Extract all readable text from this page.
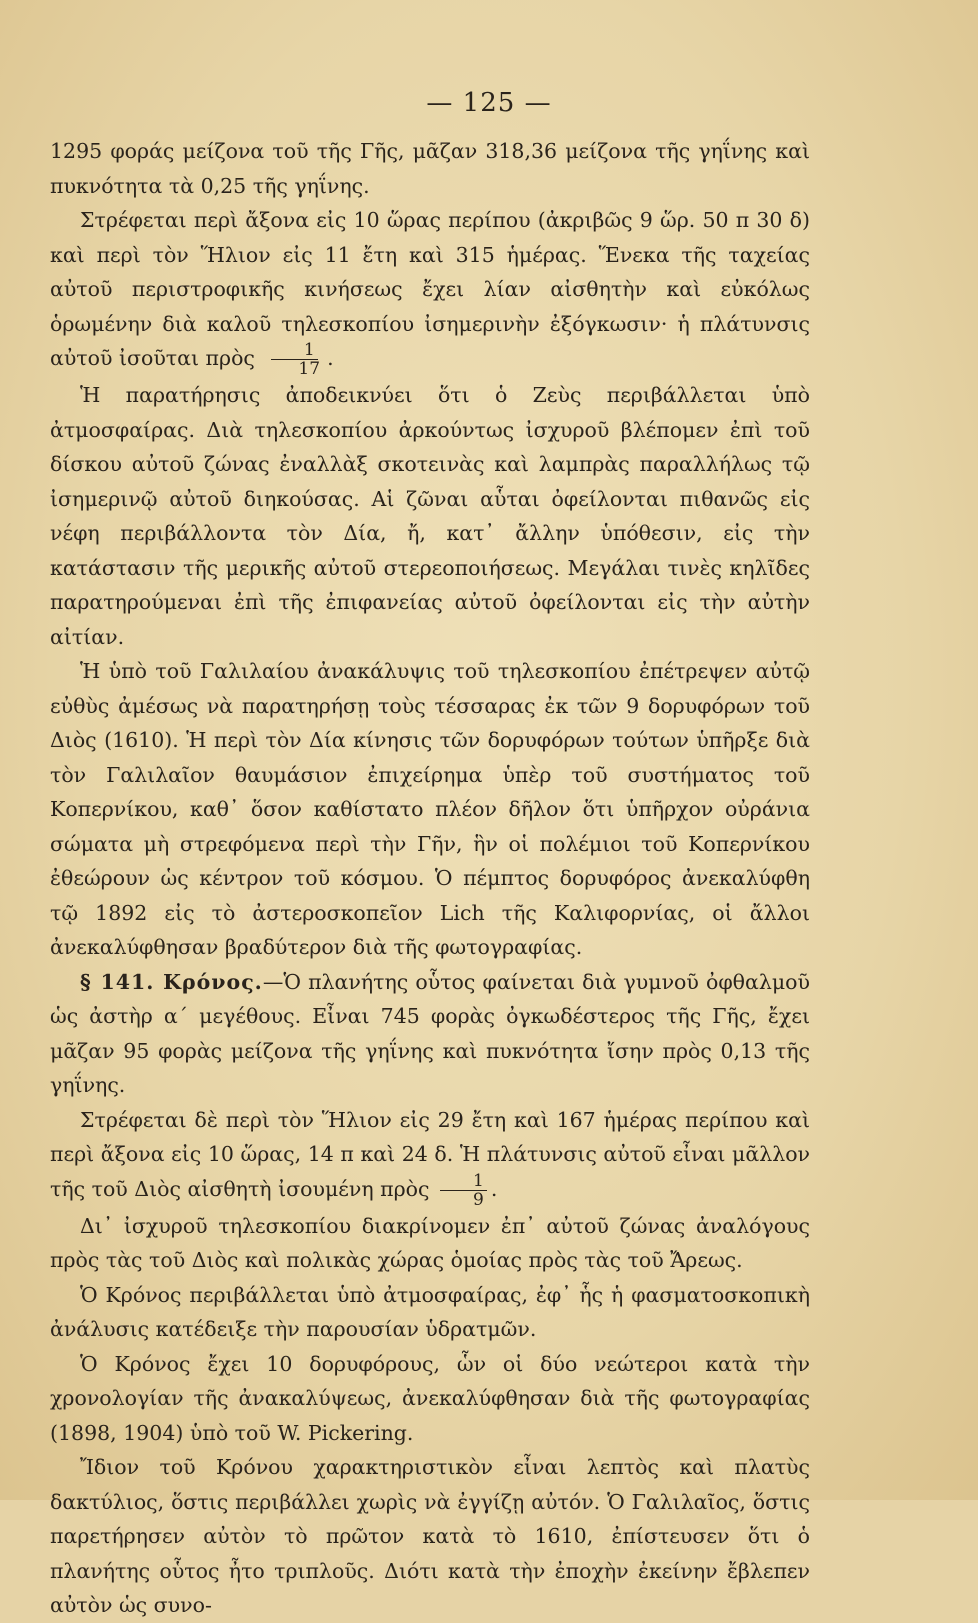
— 125 —

1295 φοράς μείζονα τοῦ τῆς Γῆς, μᾶζαν 318,36 μείζονα τῆς γηΐνης καὶ πυκνότητα τὰ 0,25 τῆς γηΐνης.

Στρέφεται περὶ ἄξονα εἰς 10 ὥρας περίπου (ἀκριβῶς 9 ὥρ. 50 π 30 δ) καὶ περὶ τὸν Ἥλιον εἰς 11 ἔτη καὶ 315 ἡμέρας. Ἕνεκα τῆς ταχείας αὐτοῦ περιστροφικῆς κινήσεως ἔχει λίαν αἰσθητὴν καὶ εὐκόλως ὁρωμένην διὰ καλοῦ τηλεσκοπίου ἰσημερινὴν ἐξόγκωσιν· ἡ πλάτυνσις αὐτοῦ ἰσοῦται πρὸς $\frac{1}{17}$ .

Ἡ παρατήρησις ἀποδεικνύει ὅτι ὁ Ζεὺς περιβάλλεται ὑπὸ ἀτμοσφαίρας. Διὰ τηλεσκοπίου ἀρκούντως ἰσχυροῦ βλέπομεν ἐπὶ τοῦ δίσκου αὐτοῦ ζώνας ἐναλλὰξ σκοτεινὰς καὶ λαμπρὰς παραλλήλως τῷ ἰσημερινῷ αὐτοῦ διηκούσας. Αἱ ζῶναι αὗται ὀφείλονται πιθανῶς εἰς νέφη περιβάλλοντα τὸν Δία, ἤ, κατ᾽ ἄλλην ὑπόθεσιν, εἰς τὴν κατάστασιν τῆς μερικῆς αὐτοῦ στερεοποιήσεως. Μεγάλαι τινὲς κηλῖδες παρατηρούμεναι ἐπὶ τῆς ἐπιφανείας αὐτοῦ ὀφείλονται εἰς τὴν αὐτὴν αἰτίαν.

Ἡ ὑπὸ τοῦ Γαλιλαίου ἀνακάλυψις τοῦ τηλεσκοπίου ἐπέτρεψεν αὐτῷ εὐθὺς ἀμέσως νὰ παρατηρήσῃ τοὺς τέσσαρας ἐκ τῶν 9 δορυφόρων τοῦ Διὸς (1610). Ἡ περὶ τὸν Δία κίνησις τῶν δορυφόρων τούτων ὑπῆρξε διὰ τὸν Γαλιλαῖον θαυμάσιον ἐπιχείρημα ὑπὲρ τοῦ συστήματος τοῦ Κοπερνίκου, καθ᾽ ὅσον καθίστατο πλέον δῆλον ὅτι ὑπῆρχον οὐράνια σώματα μὴ στρεφόμενα περὶ τὴν Γῆν, ἣν οἱ πολέμιοι τοῦ Κοπερνίκου ἐθεώρουν ὡς κέντρον τοῦ κόσμου. Ὁ πέμπτος δορυφόρος ἀνεκαλύφθη τῷ 1892 εἰς τὸ ἀστεροσκοπεῖον Lich τῆς Καλιφορνίας, οἱ ἄλλοι ἀνεκαλύφθησαν βραδύτερον διὰ τῆς φωτογραφίας.

§ 141. Κρόνος.—Ὁ πλανήτης οὗτος φαίνεται διὰ γυμνοῦ ὀφθαλμοῦ ὡς ἀστὴρ α΄ μεγέθους. Εἶναι 745 φορὰς ὀγκωδέστερος τῆς Γῆς, ἔχει μᾶζαν 95 φορὰς μείζονα τῆς γηΐνης καὶ πυκνότητα ἴσην πρὸς 0,13 τῆς γηΐνης.

Στρέφεται δὲ περὶ τὸν Ἥλιον εἰς 29 ἔτη καὶ 167 ἡμέρας περίπου καὶ περὶ ἄξονα εἰς 10 ὥρας, 14 π καὶ 24 δ. Ἡ πλάτυνσις αὐτοῦ εἶναι μᾶλλον τῆς τοῦ Διὸς αἰσθητὴ ἰσουμένη πρὸς $\frac{1}{9}$ .

Δι᾽ ἰσχυροῦ τηλεσκοπίου διακρίνομεν ἐπ᾽ αὐτοῦ ζώνας ἀναλόγους πρὸς τὰς τοῦ Διὸς καὶ πολικὰς χώρας ὁμοίας πρὸς τὰς τοῦ Ἄρεως.

Ὁ Κρόνος περιβάλλεται ὑπὸ ἀτμοσφαίρας, ἐφ᾽ ἧς ἡ φασματοσκοπικὴ ἀνάλυσις κατέδειξε τὴν παρουσίαν ὑδρατμῶν.

Ὁ Κρόνος ἔχει 10 δορυφόρους, ὧν οἱ δύο νεώτεροι κατὰ τὴν χρονολογίαν τῆς ἀνακαλύψεως, ἀνεκαλύφθησαν διὰ τῆς φωτογραφίας (1898, 1904) ὑπὸ τοῦ W. Pickering.

Ἴδιον τοῦ Κρόνου χαρακτηριστικὸν εἶναι λεπτὸς καὶ πλατὺς δακτύλιος, ὅστις περιβάλλει χωρὶς νὰ ἐγγίζῃ αὐτόν. Ὁ Γαλιλαῖος, ὅστις παρετήρησεν αὐτὸν τὸ πρῶτον κατὰ τὸ 1610, ἐπίστευσεν ὅτι ὁ πλανήτης οὗτος ἦτο τριπλοῦς. Διότι κατὰ τὴν ἐποχὴν ἐκείνην ἔβλεπεν αὐτὸν ὡς συνο-
